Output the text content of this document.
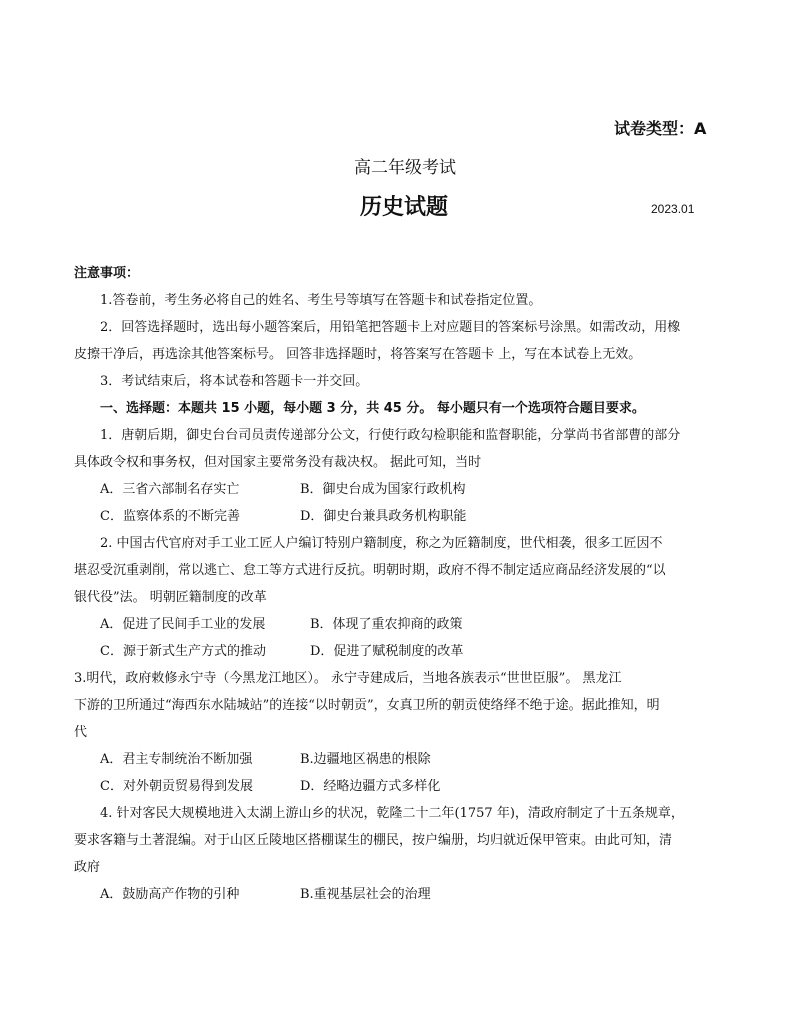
试卷类型：A
高二年级考试
历史试题	2023.01
注意事项：
1.答卷前，考生务必将自己的姓名、考生号等填写在答题卡和试卷指定位置。
2．回答选择题时，选出每小题答案后，用铅笔把答题卡上对应题目的答案标号涂黑。如需改动，用橡
皮擦干净后，再选涂其他答案标号。 回答非选择题时，将答案写在答题卡 上，写在本试卷上无效。
3．考试结束后，将本试卷和答题卡一并交回。
一、选择题：本题共 15 小题，每小题 3 分，共 45 分。 每小题只有一个选项符合题目要求。
1．唐朝后期，御史台台司员责传递部分公文，行使行政勾检职能和监督职能，分掌尚书省部曹的部分
具体政令权和事务权，但对国家主要常务没有裁决权。 据此可知，当时
A．三省六部制名存实亡	B．御史台成为国家行政机构
C．监察体系的不断完善	D．御史台兼具政务机构职能
2. 中国古代官府对手工业工匠人户编订特别户籍制度，称之为匠籍制度，世代相袭，很多工匠因不
堪忍受沉重剥削，常以逃亡、怠工等方式进行反抗。明朝时期，政府不得不制定适应商品经济发展的“以
银代役”法。 明朝匠籍制度的改革
A．促进了民间手工业的发展	B．体现了重农抑商的政策
C．源于新式生产方式的推动	D．促进了赋税制度的改革
3.明代，政府敕修永宁寺（今黑龙江地区）。 永宁寺建成后，当地各族表示“世世臣服”。 黑龙江
下游的卫所通过“海西东水陆城站”的连接“以时朝贡”，女真卫所的朝贡使络绎不绝于途。据此推知，明
代
A．君主专制统治不断加强	B.边疆地区祸患的根除
C．对外朝贡贸易得到发展	D．经略边疆方式多样化
4. 针对客民大规模地进入太湖上游山乡的状况，乾隆二十二年(1757 年)，清政府制定了十五条规章，
要求客籍与土著混编。对于山区丘陵地区搭棚谋生的棚民，按户编册，均归就近保甲管束。由此可知，清
政府
A．鼓励高产作物的引种	B.重视基层社会的治理
